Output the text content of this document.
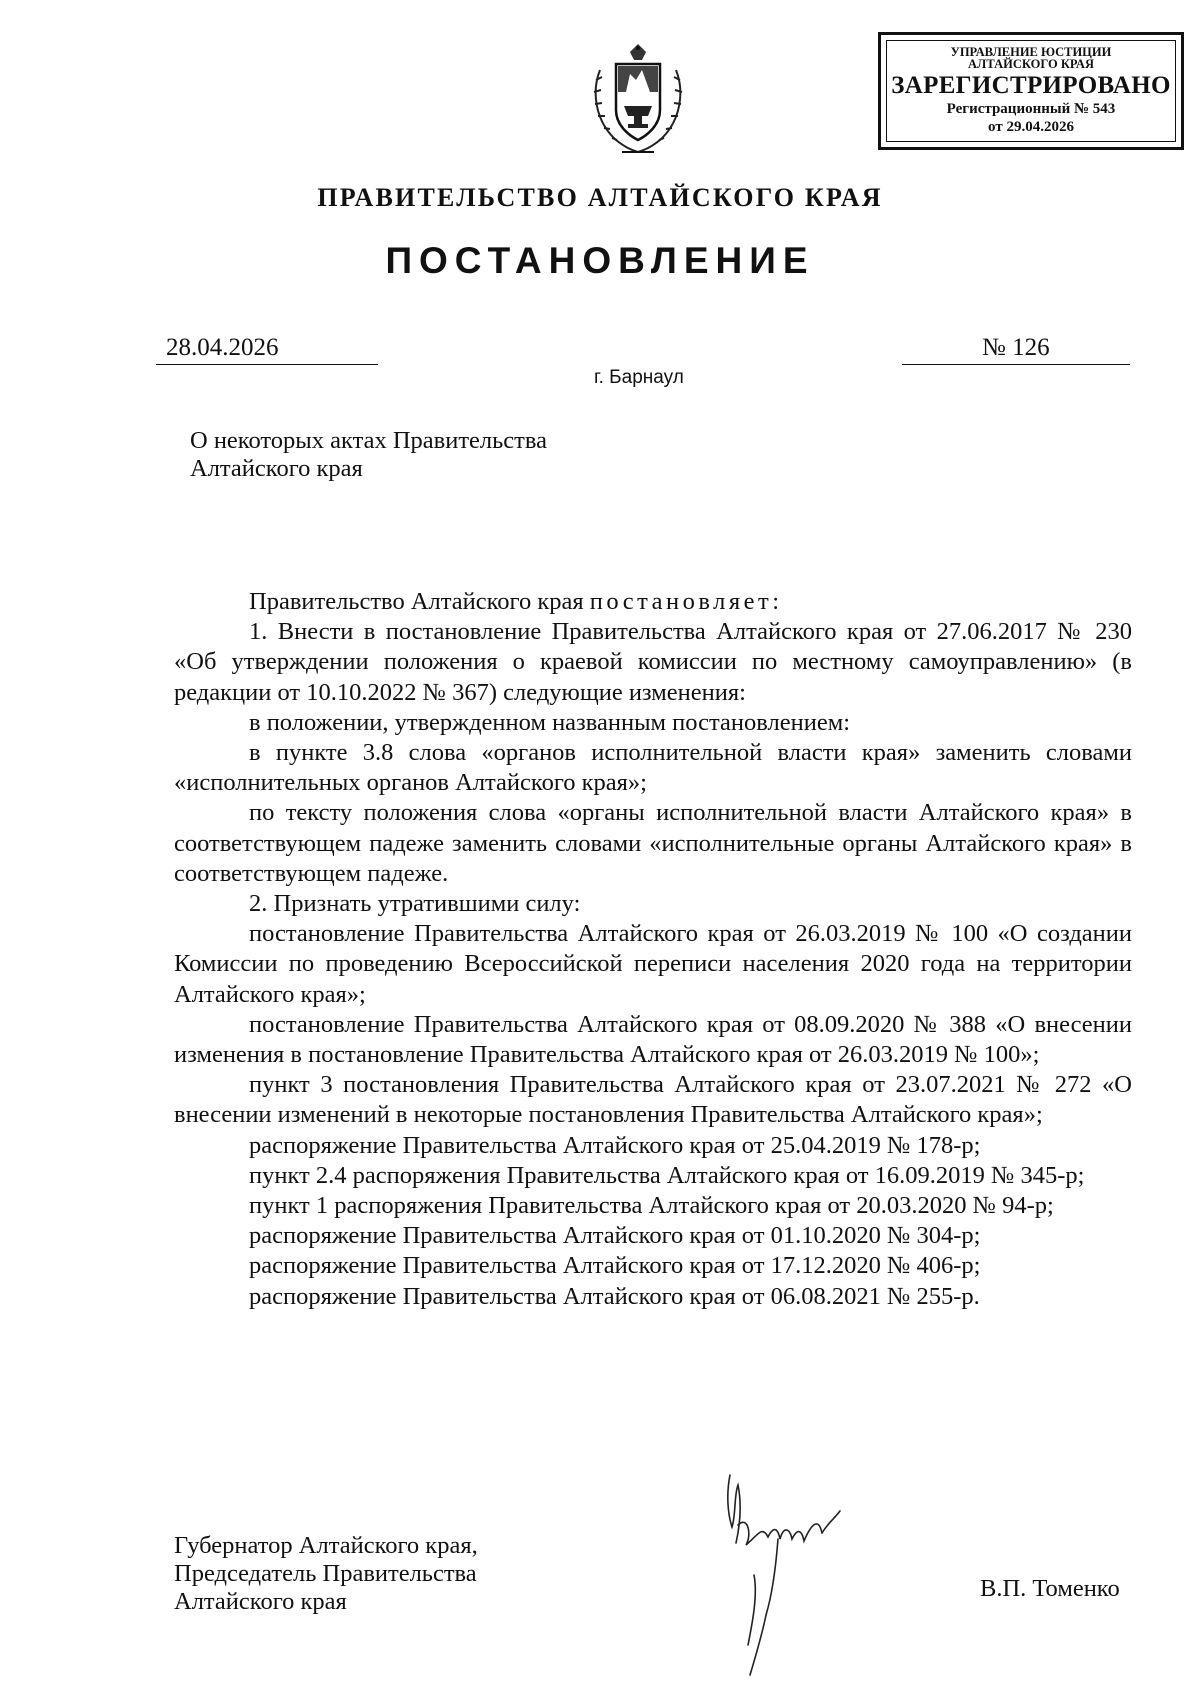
УПРАВЛЕНИЕ ЮСТИЦИИ
АЛТАЙСКОГО КРАЯ
ЗАРЕГИСТРИРОВАНО
Регистрационный № 543
от 29.04.2026
ПРАВИТЕЛЬСТВО АЛТАЙСКОГО КРАЯ
ПОСТАНОВЛЕНИЕ
28.04.2026	№ 126
г. Барнаул
О некоторых актах Правительства
Алтайского края

Правительство Алтайского края постановляет:

1. Внести в постановление Правительства Алтайского края от 27.06.2017 № 230 «Об утверждении положения о краевой комиссии по местному самоуправлению» (в редакции от 10.10.2022 № 367) следующие изменения:

в положении, утвержденном названным постановлением:

в пункте 3.8 слова «органов исполнительной власти края» заменить словами «исполнительных органов Алтайского края»;

по тексту положения слова «органы исполнительной власти Алтайского края» в соответствующем падеже заменить словами «исполнительные органы Алтайского края» в соответствующем падеже.

2. Признать утратившими силу:

постановление Правительства Алтайского края от 26.03.2019 № 100 «О создании Комиссии по проведению Всероссийской переписи населения 2020 года на территории Алтайского края»;

постановление Правительства Алтайского края от 08.09.2020 № 388 «О внесении изменения в постановление Правительства Алтайского края от 26.03.2019 № 100»;

пункт 3 постановления Правительства Алтайского края от 23.07.2021 № 272 «О внесении изменений в некоторые постановления Правительства Алтайского края»;

распоряжение Правительства Алтайского края от 25.04.2019 № 178-р;

пункт 2.4 распоряжения Правительства Алтайского края от 16.09.2019 № 345-р;

пункт 1 распоряжения Правительства Алтайского края от 20.03.2020 № 94-р;

распоряжение Правительства Алтайского края от 01.10.2020 № 304-р;

распоряжение Правительства Алтайского края от 17.12.2020 № 406-р;

распоряжение Правительства Алтайского края от 06.08.2021 № 255-р.

Губернатор Алтайского края,
Председатель Правительства
Алтайского края	В.П. Томенко
